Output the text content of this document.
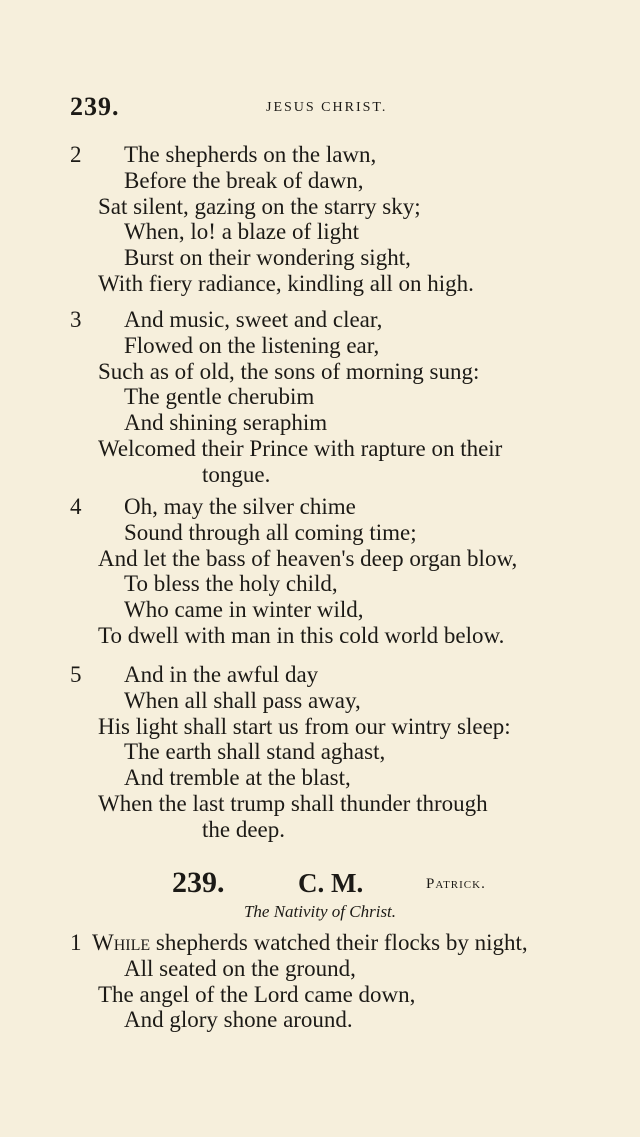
239.	JESUS CHRIST.
2 The shepherds on the lawn,
Before the break of dawn,
Sat silent, gazing on the starry sky;
When, lo! a blaze of light
Burst on their wondering sight,
With fiery radiance, kindling all on high.
3 And music, sweet and clear,
Flowed on the listening ear,
Such as of old, the sons of morning sung:
The gentle cherubim
And shining seraphim
Welcomed their Prince with rapture on their
tongue.
4 Oh, may the silver chime
Sound through all coming time;
And let the bass of heaven's deep organ blow,
To bless the holy child,
Who came in winter wild,
To dwell with man in this cold world below.
5 And in the awful day
When all shall pass away,
His light shall start us from our wintry sleep:
The earth shall stand aghast,
And tremble at the blast,
When the last trump shall thunder through
the deep.
239.	C. M.	Patrick.
The Nativity of Christ.
1 While shepherds watched their flocks by night,
All seated on the ground,
The angel of the Lord came down,
And glory shone around.
